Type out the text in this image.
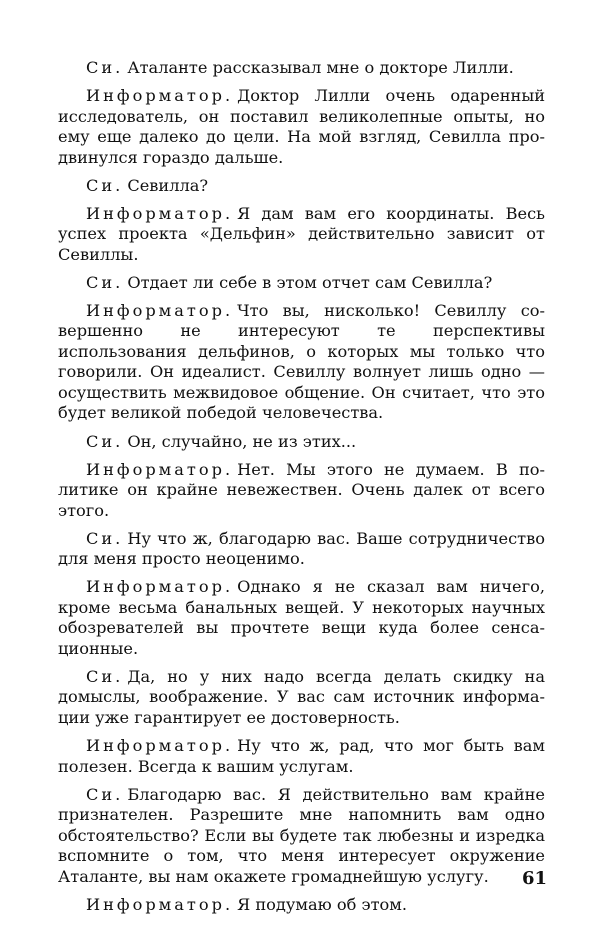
Си. Аталанте рассказывал мне о докторе Лилли.

Информатор. Доктор Лилли очень одаренный исследователь, он поставил великолепные опыты, но ему еще далеко до цели. На мой взгляд, Севилла продвинулся гораздо дальше.

Си. Севилла?

Информатор. Я дам вам его координаты. Весь успех проекта «Дельфин» действительно зависит от Севиллы.

Си. Отдает ли себе в этом отчет сам Севилла?

Информатор. Что вы, нисколько! Севиллу совершенно не интересуют те перспективы использования дельфинов, о которых мы только что говорили. Он идеалист. Севиллу волнует лишь одно — осуществить межвидовое общение. Он считает, что это будет великой победой человечества.

Си. Он, случайно, не из этих...

Информатор. Нет. Мы этого не думаем. В политике он крайне невежествен. Очень далек от всего этого.

Си. Ну что ж, благодарю вас. Ваше сотрудничество для меня просто неоценимо.

Информатор. Однако я не сказал вам ничего, кроме весьма банальных вещей. У некоторых научных обозревателей вы прочтете вещи куда более сенсационные.

Си. Да, но у них надо всегда делать скидку на домыслы, воображение. У вас сам источник информации уже гарантирует ее достоверность.

Информатор. Ну что ж, рад, что мог быть вам полезен. Всегда к вашим услугам.

Си. Благодарю вас. Я действительно вам крайне признателен. Разрешите мне напомнить вам одно обстоятельство? Если вы будете так любезны и изредка вспомните о том, что меня интересует окружение Аталанте, вы нам окажете громаднейшую услугу.

Информатор. Я подумаю об этом.

61
